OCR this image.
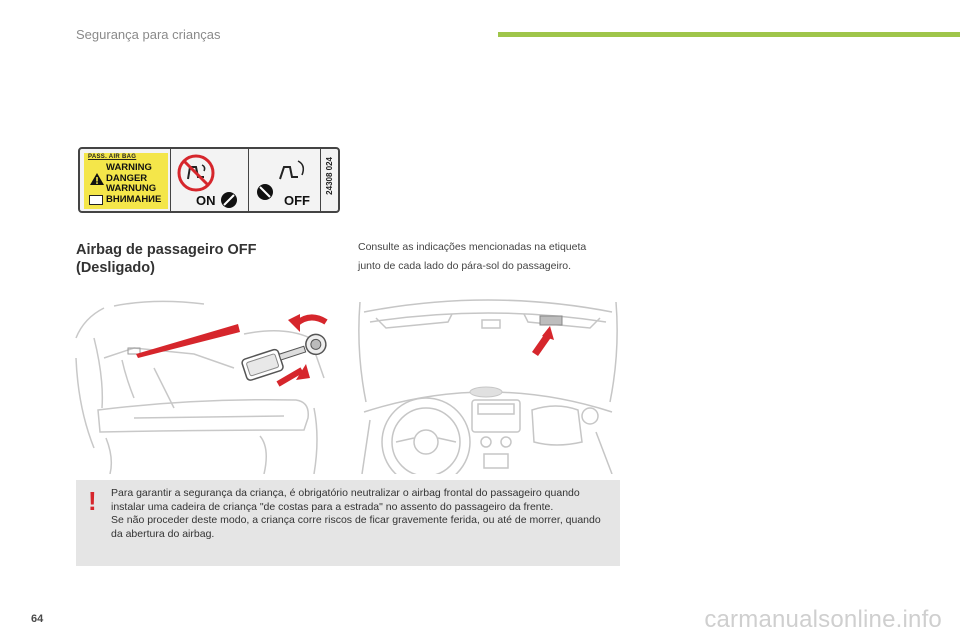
Segurança para crianças
PASS. AIR BAG
WARNING
DANGER
WARNUNG
ВНИМАНИЕ	ON	OFF
24308 024
Airbag de passageiro OFF
(Desligado)
Consulte as indicações mencionadas na etiqueta junto de cada lado do pára-sol do passageiro.
! Para garantir a segurança da criança, é obrigatório neutralizar o airbag frontal do passageiro quando instalar uma cadeira de criança "de costas para a estrada" no assento do passageiro da frente.

Se não proceder deste modo, a criança corre riscos de ficar gravemente ferida, ou até de morrer, quando da abertura do airbag.

64	carmanualsonline.info
